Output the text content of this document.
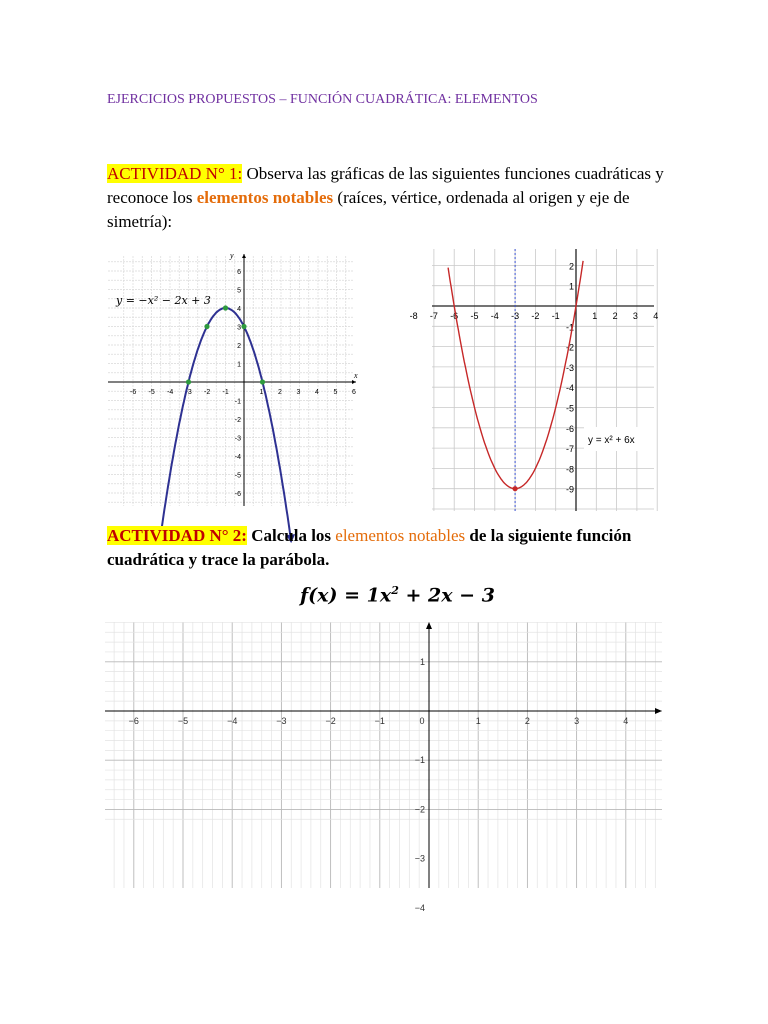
EJERCICIOS PROPUESTOS – FUNCIÓN CUADRÁTICA: ELEMENTOS
ACTIVIDAD N° 1: Observa las gráficas de las siguientes funciones cuadráticas y reconoce los elementos notables (raíces, vértice, ordenada al origen y eje de simetría):
x
y
-6 -5 -4 -3 -2 -1	1 2 3 4 5 6
6
5
4
3
2
1
-1
-2
-3
-4
-5
-6
y = −x² − 2x + 3
-8 -7 -6 -5 -4 -3 -2 -1	1 2 3 4
2
1
-1
-2
-3
-4
-5
-6
-7
-8
-9
y = x² + 6x
ACTIVIDAD N° 2: Calcula los elementos notables de la siguiente función cuadrática y trace la parábola.
$f(x) = 1x^2 + 2x - 3$
−6	−5	−4	−3	−2	−1	0	1	2	3	4
1
−1
−2
−3
−4
